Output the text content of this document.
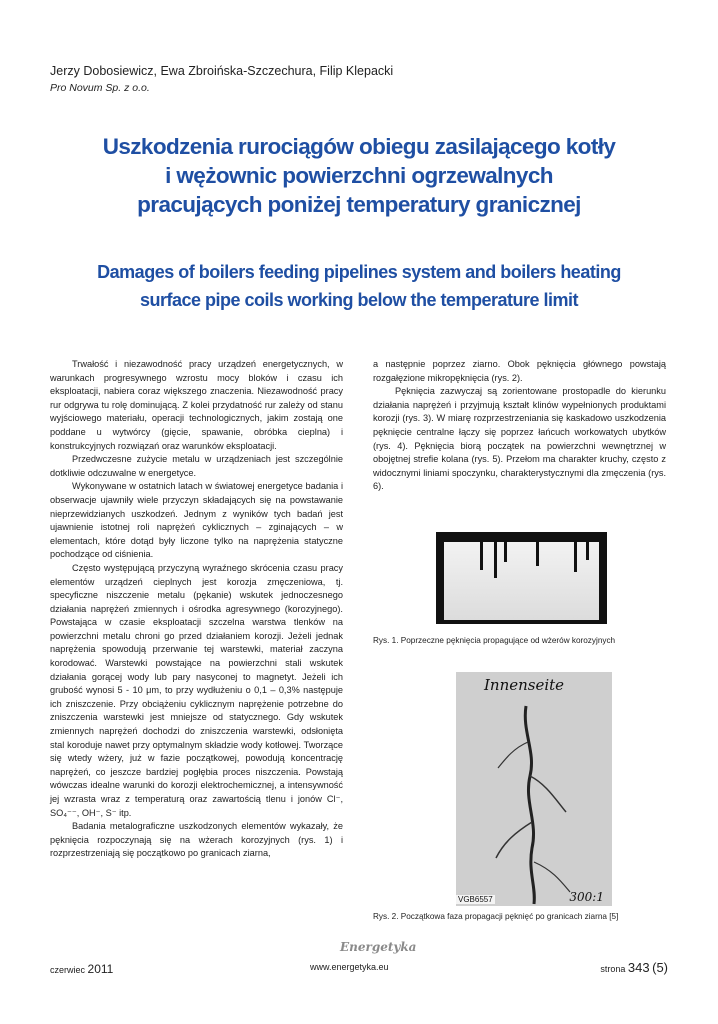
Jerzy Dobosiewicz, Ewa Zbroińska-Szczechura, Filip Klepacki
Pro Novum Sp. z o.o.
Uszkodzenia rurociągów obiegu zasilającego kotły
i wężownic powierzchni ogrzewalnych
pracujących poniżej temperatury granicznej
Damages of boilers feeding pipelines system and boilers heating
surface pipe coils working below the temperature limit

Trwałość i niezawodność pracy urządzeń energetycznych, w warunkach progresywnego wzrostu mocy bloków i czasu ich eksploatacji, nabiera coraz większego znaczenia. Niezawodność pracy rur odgrywa tu rolę dominującą. Z kolei przydatność rur zależy od stanu wyjściowego materiału, operacji technologicznych, jakim zostają one poddane u wytwórcy (gięcie, spawanie, obróbka cieplna) i konstrukcyjnych rozwiązań oraz warunków eksploatacji.

Przedwczesne zużycie metalu w urządzeniach jest szczególnie dotkliwie odczuwalne w energetyce.

Wykonywane w ostatnich latach w światowej energetyce badania i obserwacje ujawniły wiele przyczyn składających się na powstawanie nieprzewidzianych uszkodzeń. Jednym z wyników tych badań jest ujawnienie istotnej roli naprężeń cyklicznych – zginających – w elementach, które dotąd były liczone tylko na naprężenia statyczne pochodzące od ciśnienia.

Często występującą przyczyną wyraźnego skrócenia czasu pracy elementów urządzeń cieplnych jest korozja zmęczeniowa, tj. specyficzne niszczenie metalu (pękanie) wskutek jednoczesnego działania naprężeń zmiennych i ośrodka agresywnego (korozyjnego). Powstająca w czasie eksploatacji szczelna warstwa tlenków na powierzchni metalu chroni go przed działaniem korozji. Jeżeli jednak naprężenia spowodują przerwanie tej warstewki, materiał zaczyna korodować. Warstewki powstające na powierzchni stali wskutek działania gorącej wody lub pary nasyconej to magnetyt. Jeżeli ich grubość wynosi 5 - 10 μm, to przy wydłużeniu o 0,1 – 0,3% następuje ich zniszczenie. Przy obciążeniu cyklicznym naprężenie potrzebne do zniszczenia warstewki jest mniejsze od statycznego. Gdy wskutek zmiennych naprężeń dochodzi do zniszczenia warstewki, odsłonięta stal koroduje nawet przy optymalnym składzie wody kotłowej. Tworzące się wtedy wżery, już w fazie początkowej, powodują koncentrację naprężeń, co jeszcze bardziej pogłębia proces niszczenia. Powstają wówczas idealne warunki do korozji elektrochemicznej, a intensywność jej wzrasta wraz z temperaturą oraz zawartością tlenu i jonów Cl⁻, SO₄⁻⁻, OH⁻, S⁻ itp.

Badania metalograficzne uszkodzonych elementów wykazały, że pęknięcia rozpoczynają się na wżerach korozyjnych (rys. 1) i rozprzestrzeniają się początkowo po granicach ziarna,

a następnie poprzez ziarno. Obok pęknięcia głównego powstają rozgałęzione mikropęknięcia (rys. 2).

Pęknięcia zazwyczaj są zorientowane prostopadle do kierunku działania naprężeń i przyjmują kształt klinów wypełnionych produktami korozji (rys. 3). W miarę rozprzestrzeniania się kaskadowo uszkodzenia pęknięcie centralne łączy się poprzez łańcuch workowatych ubytków (rys. 4). Pęknięcia biorą początek na powierzchni wewnętrznej w obojętnej strefie kolana (rys. 5). Przełom ma charakter kruchy, często z widocznymi liniami spoczynku, charakterystycznymi dla zmęczenia (rys. 6).

Rys. 1. Poprzeczne pęknięcia propagujące od wżerów korozyjnych
Innenseite
VGB6557	300:1
Rys. 2. Początkowa faza propagacji pęknięć po granicach ziarna [5]
czerwiec 2011
Energetyka
www.energetyka.eu	strona 343 (5)
